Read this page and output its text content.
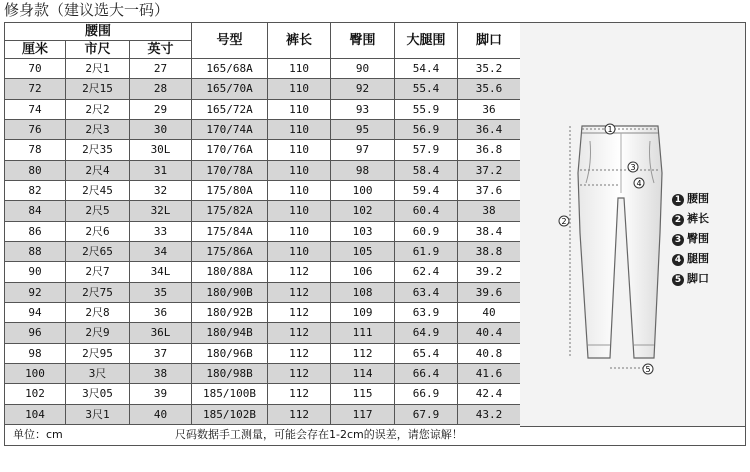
修身款（建议选大一码）
腰围			号型	裤长	臀围	大腿围	脚口
厘米	市尺	英寸					
70	2尺1	27	165/68A	110	90	54.4	35.2
72	2尺15	28	165/70A	110	92	55.4	35.6
74	2尺2	29	165/72A	110	93	55.9	36
76	2尺3	30	170/74A	110	95	56.9	36.4
78	2尺35	30L	170/76A	110	97	57.9	36.8
80	2尺4	31	170/78A	110	98	58.4	37.2
82	2尺45	32	175/80A	110	100	59.4	37.6
84	2尺5	32L	175/82A	110	102	60.4	38
86	2尺6	33	175/84A	110	103	60.9	38.4
88	2尺65	34	175/86A	110	105	61.9	38.8
90	2尺7	34L	180/88A	112	106	62.4	39.2
92	2尺75	35	180/90B	112	108	63.4	39.6
94	2尺8	36	180/92B	112	109	63.9	40
96	2尺9	36L	180/94B	112	111	64.9	40.4
98	2尺95	37	180/96B	112	112	65.4	40.8
100	3尺	38	180/98B	112	114	66.4	41.6
102	3尺05	39	185/100B	112	115	66.9	42.4
104	3尺1	40	185/102B	112	117	67.9	43.2
1
2
3
4
5
单位：cm	尺码数据手工测量，可能会存在1-2cm的误差，请您谅解！
1 腰围
2 裤长
3 臀围
4 腿围
5 脚口
